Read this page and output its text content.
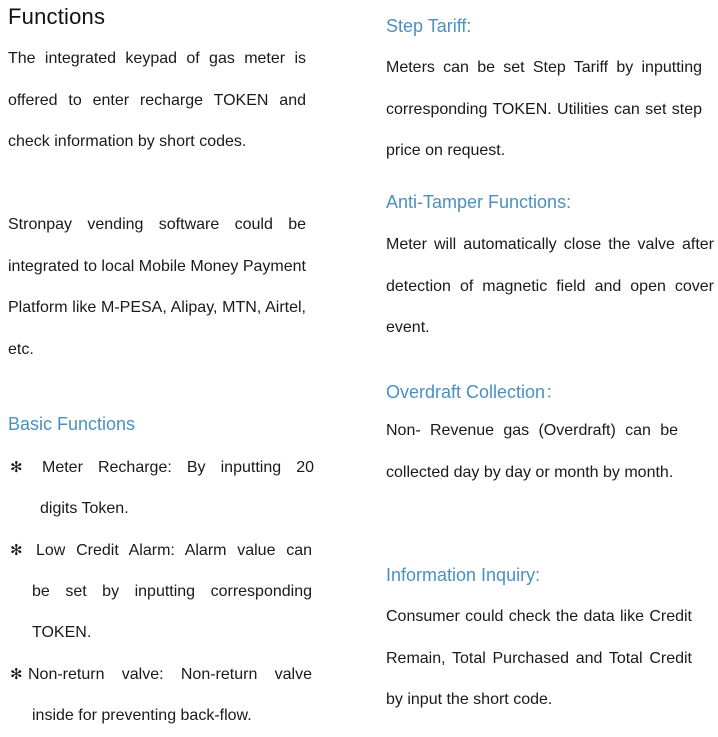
Functions

The integrated keypad of gas meter is offered to enter recharge TOKEN and check information by short codes.

Stronpay vending software could be integrated to local Mobile Money Payment Platform like M-PESA, Alipay, MTN, Airtel, etc.

Basic Functions
✻ Meter Recharge: By inputting 20
digits Token.
✻ Low Credit Alarm: Alarm value can
be set by inputting corresponding
TOKEN.
✻ Non-return valve: Non-return valve
inside for preventing back-flow.
Step Tariff:

Meters can be set Step Tariff by inputting corresponding TOKEN. Utilities can set step price on request.

Anti-Tamper Functions:

Meter will automatically close the valve after detection of magnetic field and open cover event.

Overdraft Collection：

Non- Revenue gas (Overdraft) can be collected day by day or month by month.

Information Inquiry:

Consumer could check the data like Credit Remain, Total Purchased and Total Credit by input the short code.
